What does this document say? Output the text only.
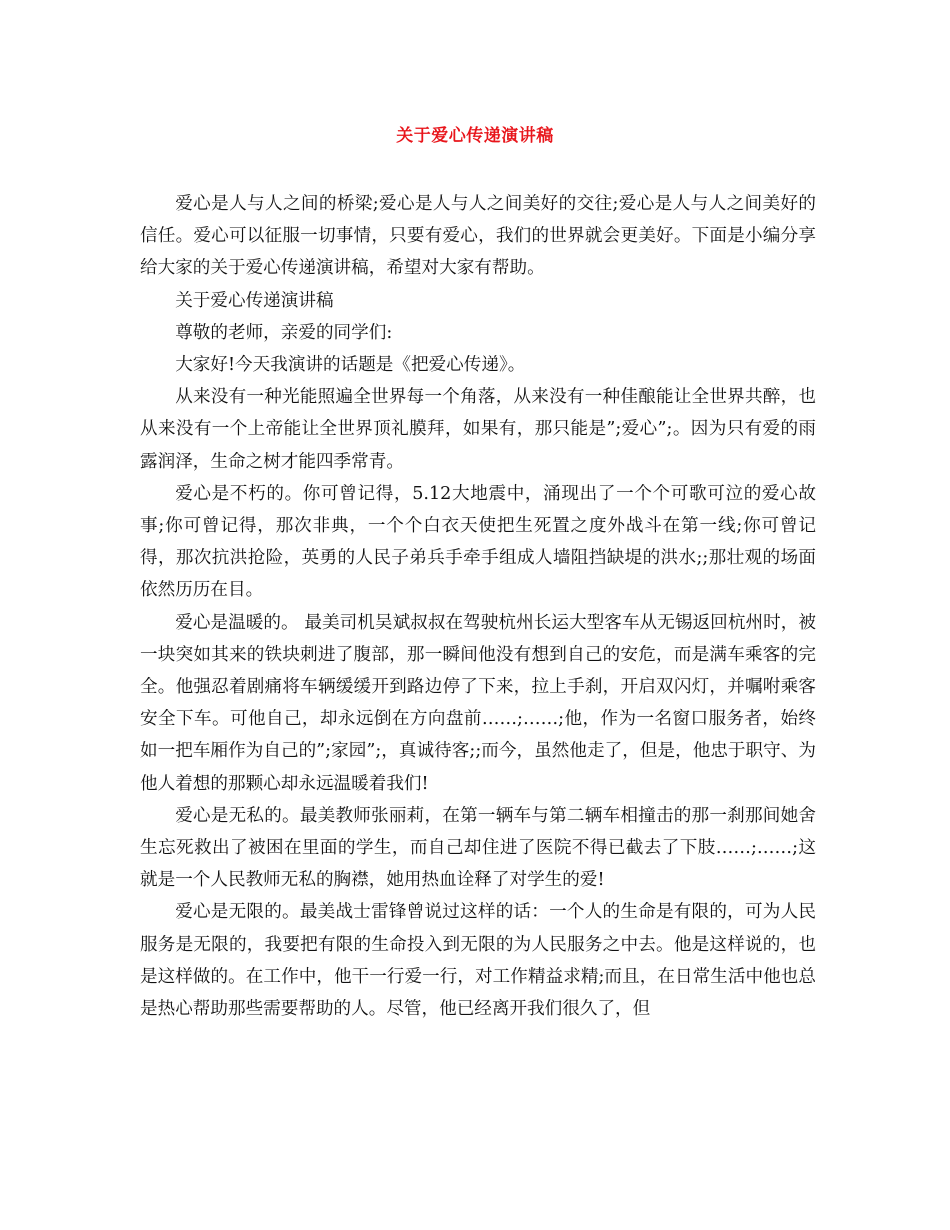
关于爱心传递演讲稿

爱心是人与人之间的桥梁;爱心是人与人之间美好的交往;爱心是人与人之间美好的信任。爱心可以征服一切事情，只要有爱心，我们的世界就会更美好。下面是小编分享给大家的关于爱心传递演讲稿，希望对大家有帮助。

关于爱心传递演讲稿

尊敬的老师，亲爱的同学们:

大家好!今天我演讲的话题是《把爱心传递》。

从来没有一种光能照遍全世界每一个角落，从来没有一种佳酿能让全世界共醉，也从来没有一个上帝能让全世界顶礼膜拜，如果有，那只能是”;爱心”;。因为只有爱的雨露润泽，生命之树才能四季常青。

爱心是不朽的。你可曾记得，5.12大地震中，涌现出了一个个可歌可泣的爱心故事;你可曾记得，那次非典，一个个白衣天使把生死置之度外战斗在第一线;你可曾记得，那次抗洪抢险，英勇的人民子弟兵手牵手组成人墙阻挡缺堤的洪水;;那壮观的场面依然历历在目。

爱心是温暖的。 最美司机吴斌叔叔在驾驶杭州长运大型客车从无锡返回杭州时，被一块突如其来的铁块刺进了腹部，那一瞬间他没有想到自己的安危，而是满车乘客的完全。他强忍着剧痛将车辆缓缓开到路边停了下来，拉上手刹，开启双闪灯，并嘱咐乘客安全下车。可他自己，却永远倒在方向盘前……;……;他，作为一名窗口服务者，始终如一把车厢作为自己的”;家园”;，真诚待客;;而今，虽然他走了，但是，他忠于职守、为他人着想的那颗心却永远温暖着我们!

爱心是无私的。最美教师张丽莉，在第一辆车与第二辆车相撞击的那一刹那间她舍生忘死救出了被困在里面的学生，而自己却住进了医院不得已截去了下肢……;……;这就是一个人民教师无私的胸襟，她用热血诠释了对学生的爱!

爱心是无限的。最美战士雷锋曾说过这样的话：一个人的生命是有限的，可为人民服务是无限的，我要把有限的生命投入到无限的为人民服务之中去。他是这样说的，也是这样做的。在工作中，他干一行爱一行，对工作精益求精;而且，在日常生活中他也总是热心帮助那些需要帮助的人。尽管，他已经离开我们很久了，但
